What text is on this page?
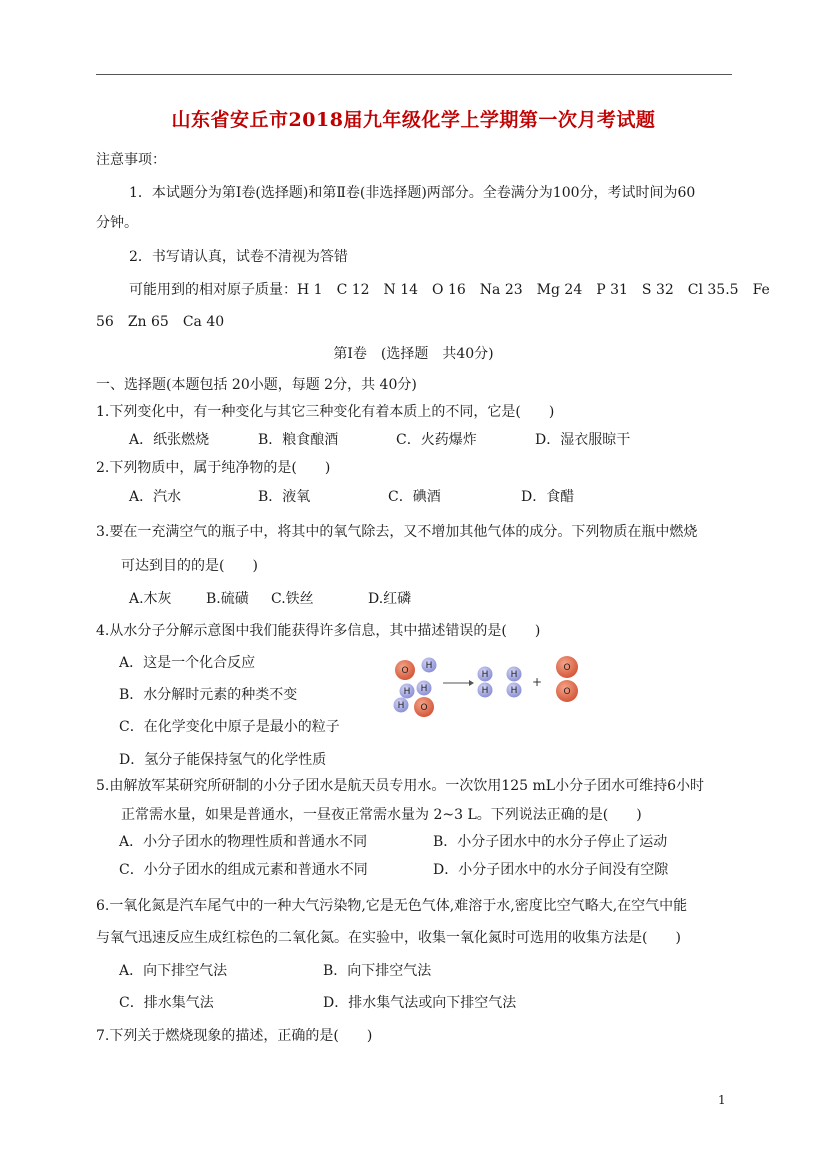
山东省安丘市2018届九年级化学上学期第一次月考试题
注意事项：
1．本试题分为第Ⅰ卷(选择题)和第Ⅱ卷(非选择题)两部分。全卷满分为100分，考试时间为60
分钟。
2．书写请认真，试卷不清视为答错
可能用到的相对原子质量：H 1　C 12　N 14　O 16　Na 23　Mg 24　P 31　S 32　Cl 35.5　Fe
56　Zn 65　Ca 40
第Ⅰ卷　(选择题　共40分)
一、选择题(本题包括 20小题，每题 2分，共 40分)
1.下列变化中，有一种变化与其它三种变化有着本质上的不同，它是(　　)
A．纸张燃烧	B．粮食酿酒	C．火药爆炸	D．湿衣服晾干
2.下列物质中，属于纯净物的是(　　)
A．汽水	B．液氧	C．碘酒	D．食醋
3.要在一充满空气的瓶子中，将其中的氧气除去，又不增加其他气体的成分。下列物质在瓶中燃烧
可达到目的的是(　　)
A.木灰 B.硫磺 C.铁丝	D.红磷
4.从水分子分解示意图中我们能获得许多信息，其中描述错误的是(　　)
A．这是一个化合反应
B．水分解时元素的种类不变
C．在化学变化中原子是最小的粒子
D．氢分子能保持氢气的化学性质
O H
H H
H O
H
H
H
H
+
O
O
5.由解放军某研究所研制的小分子团水是航天员专用水。一次饮用125 mL小分子团水可维持6小时
正常需水量，如果是普通水，一昼夜正常需水量为 2~3 L。下列说法正确的是(　　)
A．小分子团水的物理性质和普通水不同	B．小分子团水中的水分子停止了运动
C．小分子团水的组成元素和普通水不同	D．小分子团水中的水分子间没有空隙
6.一氧化氮是汽车尾气中的一种大气污染物,它是无色气体,难溶于水,密度比空气略大,在空气中能
与氧气迅速反应生成红棕色的二氧化氮。在实验中，收集一氧化氮时可选用的收集方法是(　　)
A．向下排空气法	B．向下排空气法
C．排水集气法	D．排水集气法或向下排空气法
7.下列关于燃烧现象的描述，正确的是(　　)
1
